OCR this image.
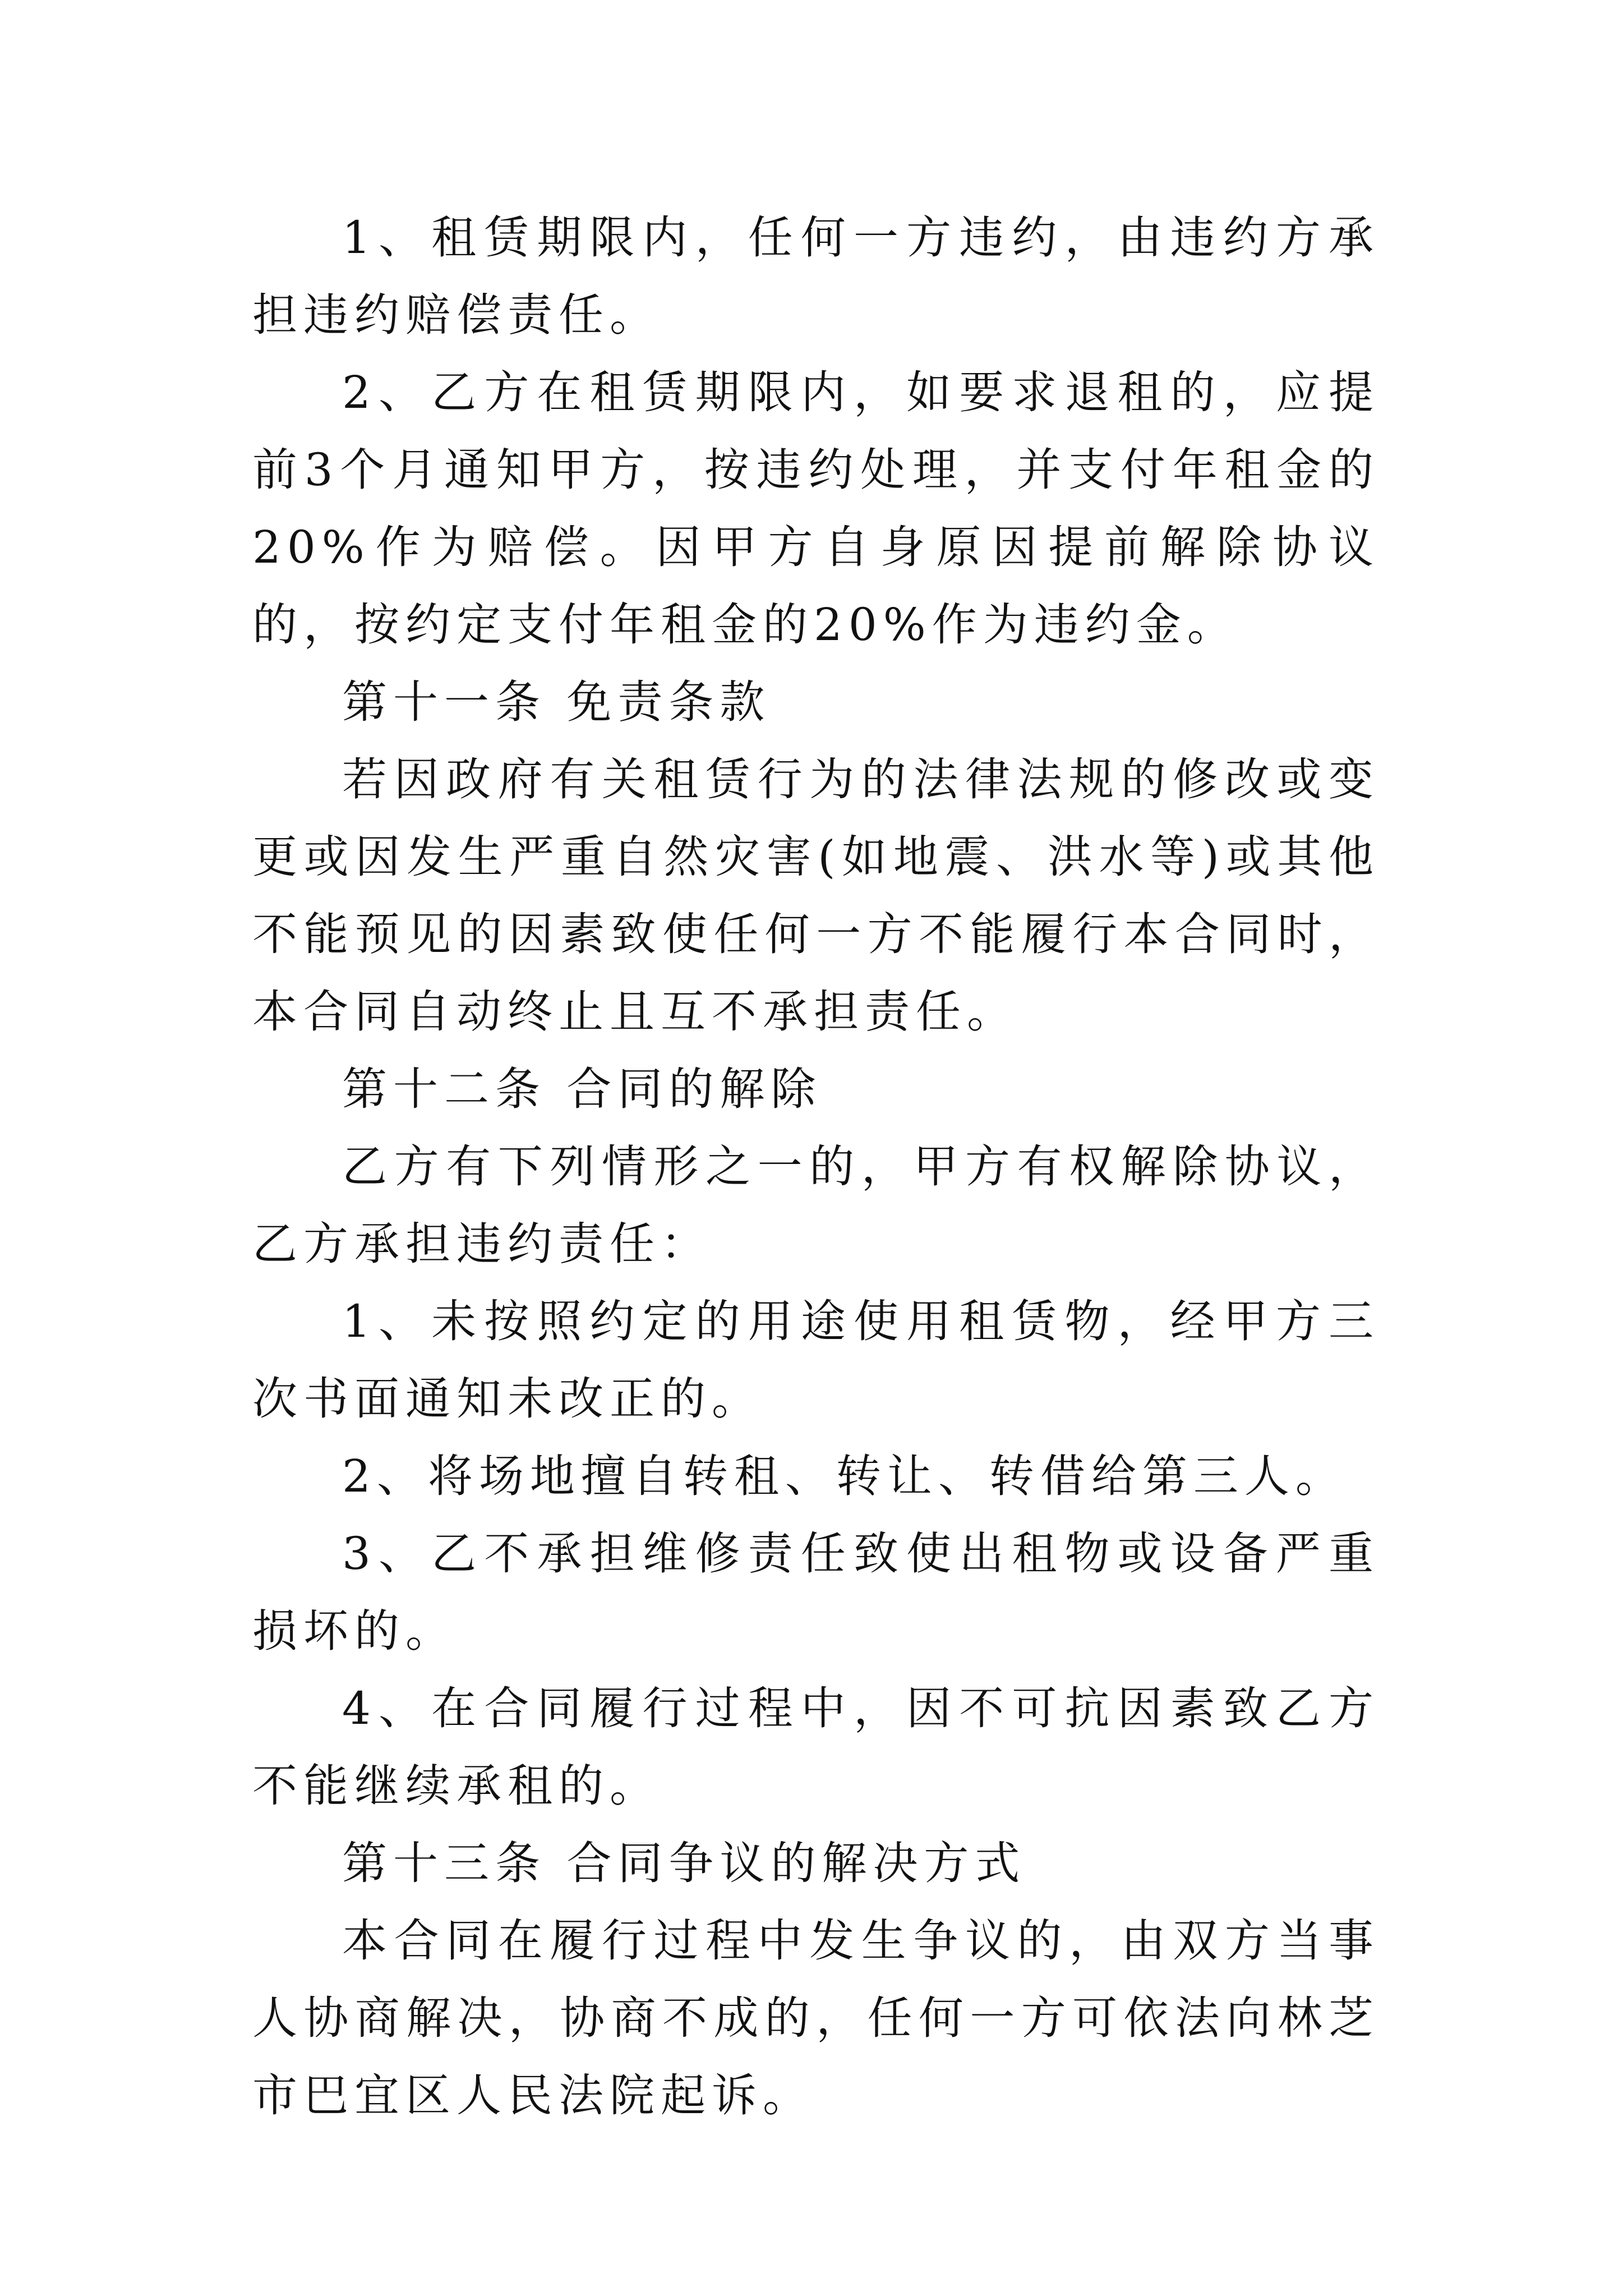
1、租赁期限内，任何一方违约，由违约方承担违约赔偿责任。

2、乙方在租赁期限内，如要求退租的，应提前3个月通知甲方，按违约处理，并支付年租金的20%作为赔偿。因甲方自身原因提前解除协议的，按约定支付年租金的20%作为违约金。

第十一条 免责条款

若因政府有关租赁行为的法律法规的修改或变更或因发生严重自然灾害(如地震、洪水等)或其他不能预见的因素致使任何一方不能履行本合同时，本合同自动终止且互不承担责任。

第十二条 合同的解除

乙方有下列情形之一的，甲方有权解除协议，乙方承担违约责任：

1、未按照约定的用途使用租赁物，经甲方三次书面通知未改正的。

2、将场地擅自转租、转让、转借给第三人。

3、乙不承担维修责任致使出租物或设备严重损坏的。

4、在合同履行过程中，因不可抗因素致乙方不能继续承租的。

第十三条 合同争议的解决方式

本合同在履行过程中发生争议的，由双方当事人协商解决，协商不成的，任何一方可依法向林芝市巴宜区人民法院起诉。
